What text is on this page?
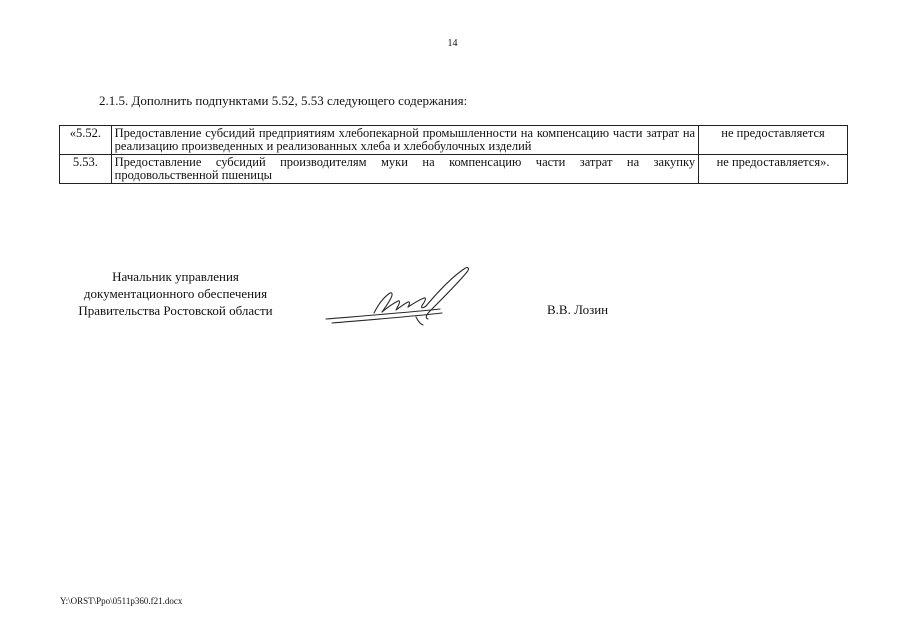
14
2.1.5. Дополнить подпунктами 5.52, 5.53 следующего содержания:
«5.52.	Предоставление субсидий предприятиям хлебопекарной промышленности на компенсацию части затрат на реализацию произведенных и реализованных хлеба и хлебобулочных изделий	не предоставляется
5.53.	Предоставление субсидий производителям муки на компенсацию части затрат на закупку продовольственной пшеницы	не предоставляется».
Начальник управления
документационного обеспечения
Правительства Ростовской области	В.В. Лозин
Y:\ORST\Ppo\0511p360.f21.docx
